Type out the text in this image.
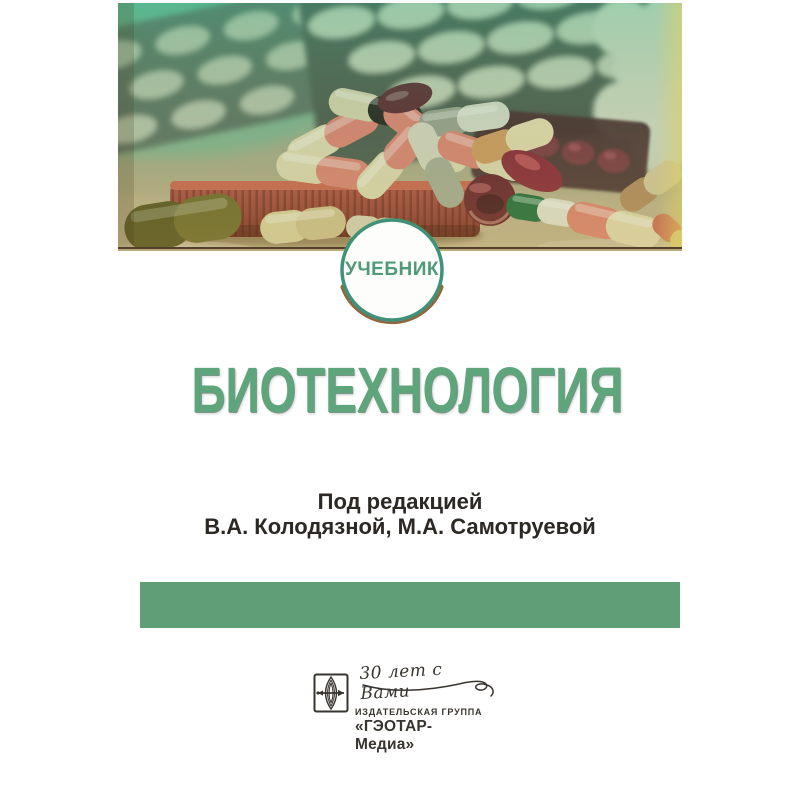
УЧЕБНИК
БИОТЕХНОЛОГИЯ
Под редакцией
В.А. Колодязной, М.А. Самотруевой
30 лет с Вами
ИЗДАТЕЛЬСКАЯ ГРУППА
«ГЭОТАР-Медиа»
